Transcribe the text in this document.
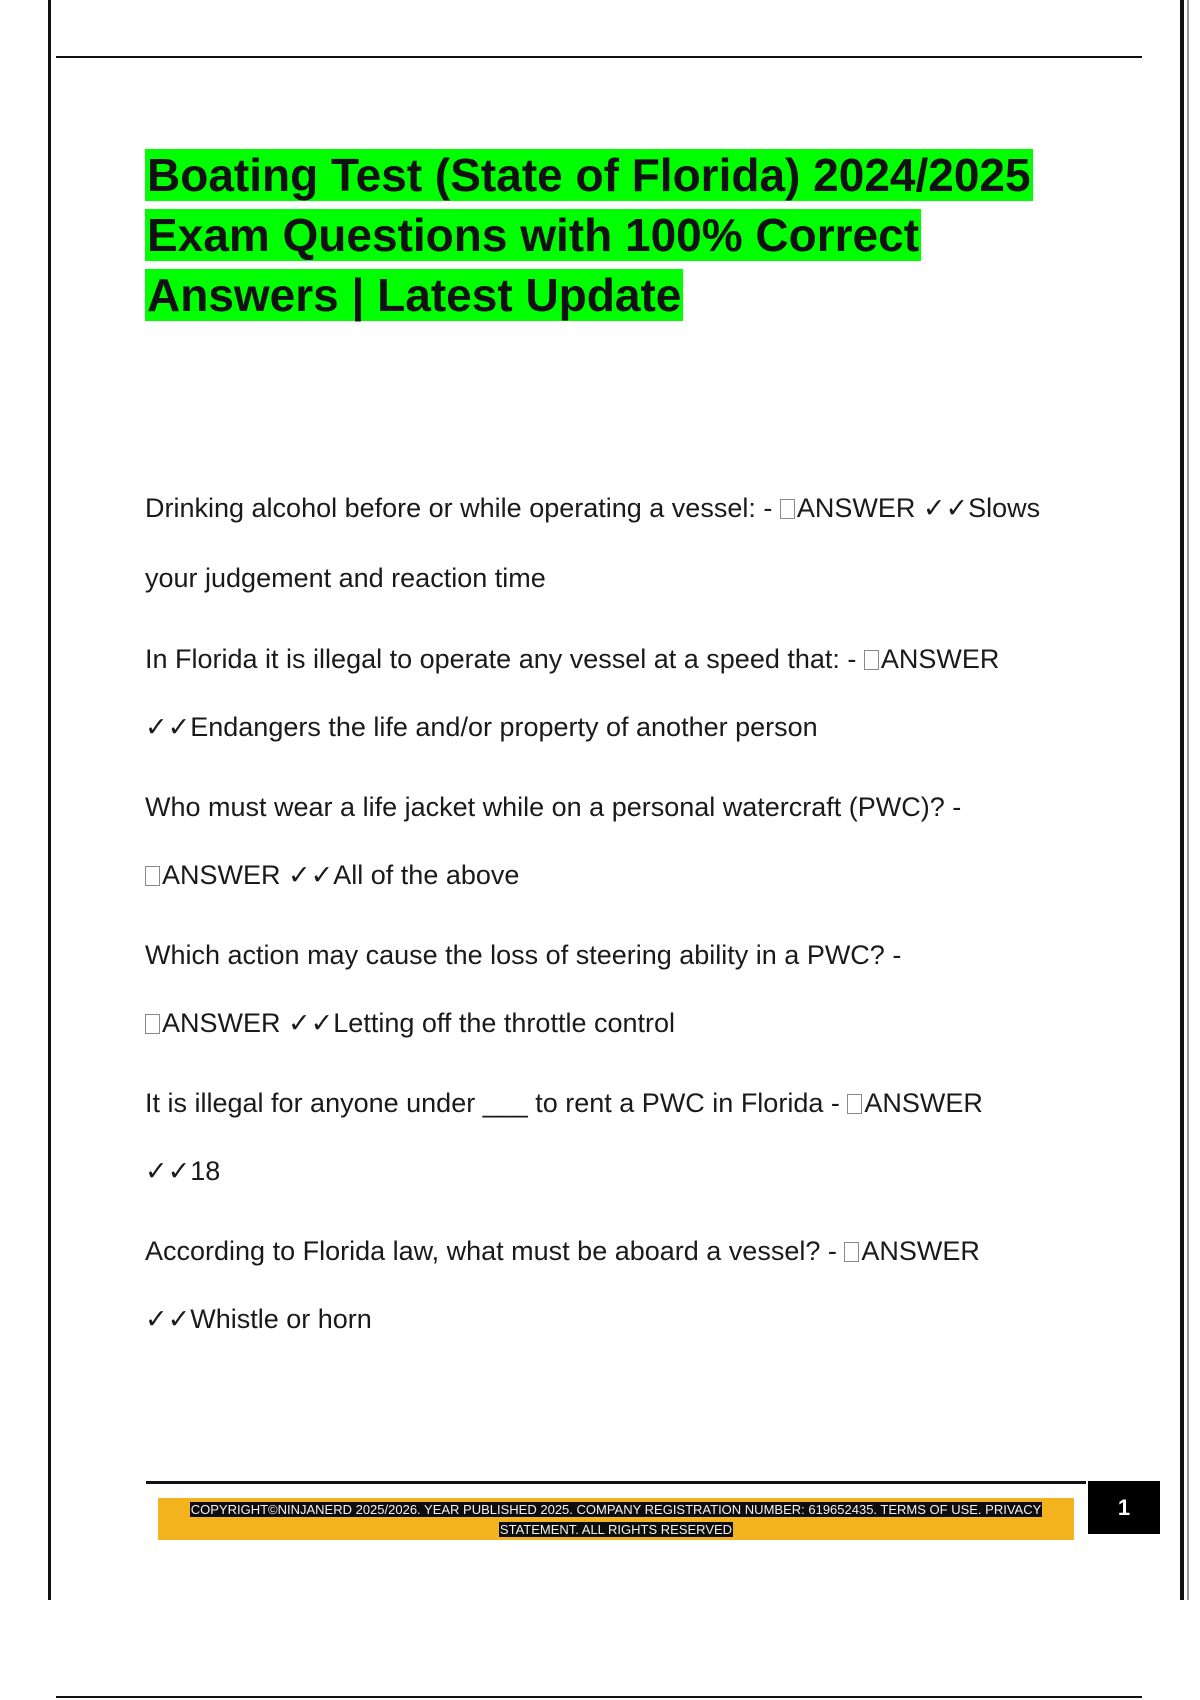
Boating Test (State of Florida) 2024/2025
Exam Questions with 100% Correct
Answers | Latest Update

Drinking alcohol before or while operating a vessel: - ANSWER ✓✓Slows your judgement and reaction time

In Florida it is illegal to operate any vessel at a speed that: - ANSWER
✓✓Endangers the life and/or property of another person

Who must wear a life jacket while on a personal watercraft (PWC)? -
ANSWER ✓✓All of the above

Which action may cause the loss of steering ability in a PWC? -
ANSWER ✓✓Letting off the throttle control

It is illegal for anyone under ___ to rent a PWC in Florida - ANSWER
✓✓18

According to Florida law, what must be aboard a vessel? - ANSWER
✓✓Whistle or horn

COPYRIGHT©NINJANERD 2025/2026. YEAR PUBLISHED 2025. COMPANY REGISTRATION NUMBER: 619652435. TERMS OF USE. PRIVACY
STATEMENT. ALL RIGHTS RESERVED

1
